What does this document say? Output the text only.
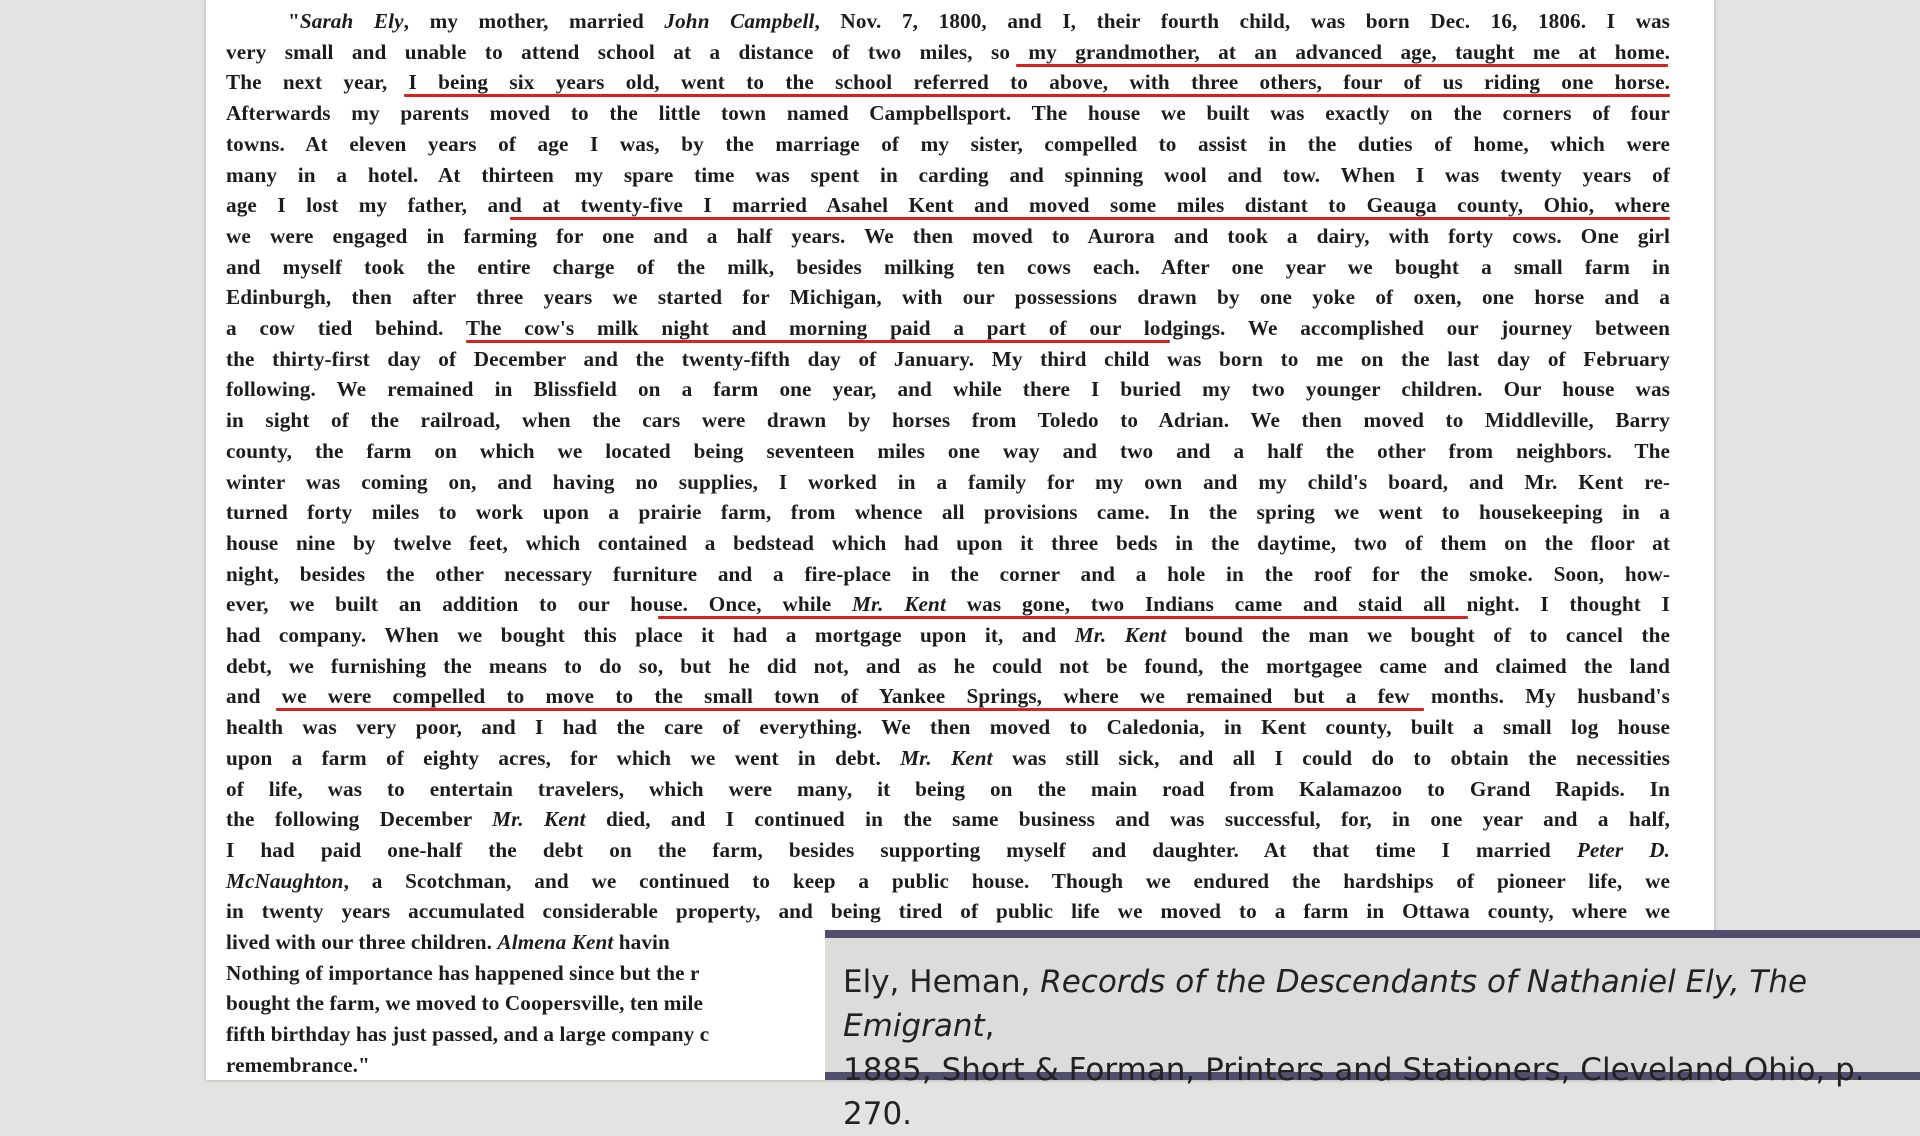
"Sarah Ely, my mother, married John Campbell, Nov. 7, 1800, and I, their fourth child, was born Dec. 16, 1806. I was
very small and unable to attend school at a distance of two miles, so my grandmother, at an advanced age, taught me at home.
The next year, I being six years old, went to the school referred to above, with three others, four of us riding one horse.
Afterwards my parents moved to the little town named Campbellsport. The house we built was exactly on the corners of four
towns. At eleven years of age I was, by the marriage of my sister, compelled to assist in the duties of home, which were
many in a hotel. At thirteen my spare time was spent in carding and spinning wool and tow. When I was twenty years of
age I lost my father, and at twenty-five I married Asahel Kent and moved some miles distant to Geauga county, Ohio, where
we were engaged in farming for one and a half years. We then moved to Aurora and took a dairy, with forty cows. One girl
and myself took the entire charge of the milk, besides milking ten cows each. After one year we bought a small farm in
Edinburgh, then after three years we started for Michigan, with our possessions drawn by one yoke of oxen, one horse and a
a cow tied behind. The cow's milk night and morning paid a part of our lodgings. We accomplished our journey between
the thirty-first day of December and the twenty-fifth day of January. My third child was born to me on the last day of February
following. We remained in Blissfield on a farm one year, and while there I buried my two younger children. Our house was
in sight of the railroad, when the cars were drawn by horses from Toledo to Adrian. We then moved to Middleville, Barry
county, the farm on which we located being seventeen miles one way and two and a half the other from neighbors. The
winter was coming on, and having no supplies, I worked in a family for my own and my child's board, and Mr. Kent re-
turned forty miles to work upon a prairie farm, from whence all provisions came. In the spring we went to housekeeping in a
house nine by twelve feet, which contained a bedstead which had upon it three beds in the daytime, two of them on the floor at
night, besides the other necessary furniture and a fire-place in the corner and a hole in the roof for the smoke. Soon, how-
ever, we built an addition to our house. Once, while Mr. Kent was gone, two Indians came and staid all night. I thought I
had company. When we bought this place it had a mortgage upon it, and Mr. Kent bound the man we bought of to cancel the
debt, we furnishing the means to do so, but he did not, and as he could not be found, the mortgagee came and claimed the land
and we were compelled to move to the small town of Yankee Springs, where we remained but a few months. My husband's
health was very poor, and I had the care of everything. We then moved to Caledonia, in Kent county, built a small log house
upon a farm of eighty acres, for which we went in debt. Mr. Kent was still sick, and all I could do to obtain the necessities
of life, was to entertain travelers, which were many, it being on the main road from Kalamazoo to Grand Rapids. In
the following December Mr. Kent died, and I continued in the same business and was successful, for, in one year and a half,
I had paid one-half the debt on the farm, besides supporting myself and daughter. At that time I married Peter D.
McNaughton, a Scotchman, and we continued to keep a public house. Though we endured the hardships of pioneer life, we
in twenty years accumulated considerable property, and being tired of public life we moved to a farm in Ottawa county, where we
lived with our three children. Almena Kent havin
Nothing of importance has happened since but the r
bought the farm, we moved to Coopersville, ten mile
fifth birthday has just passed, and a large company c
remembrance."
Ely, Heman, Records of the Descendants of Nathaniel Ely, The Emigrant,
1885, Short & Forman, Printers and Stationers, Cleveland Ohio, p. 270.
